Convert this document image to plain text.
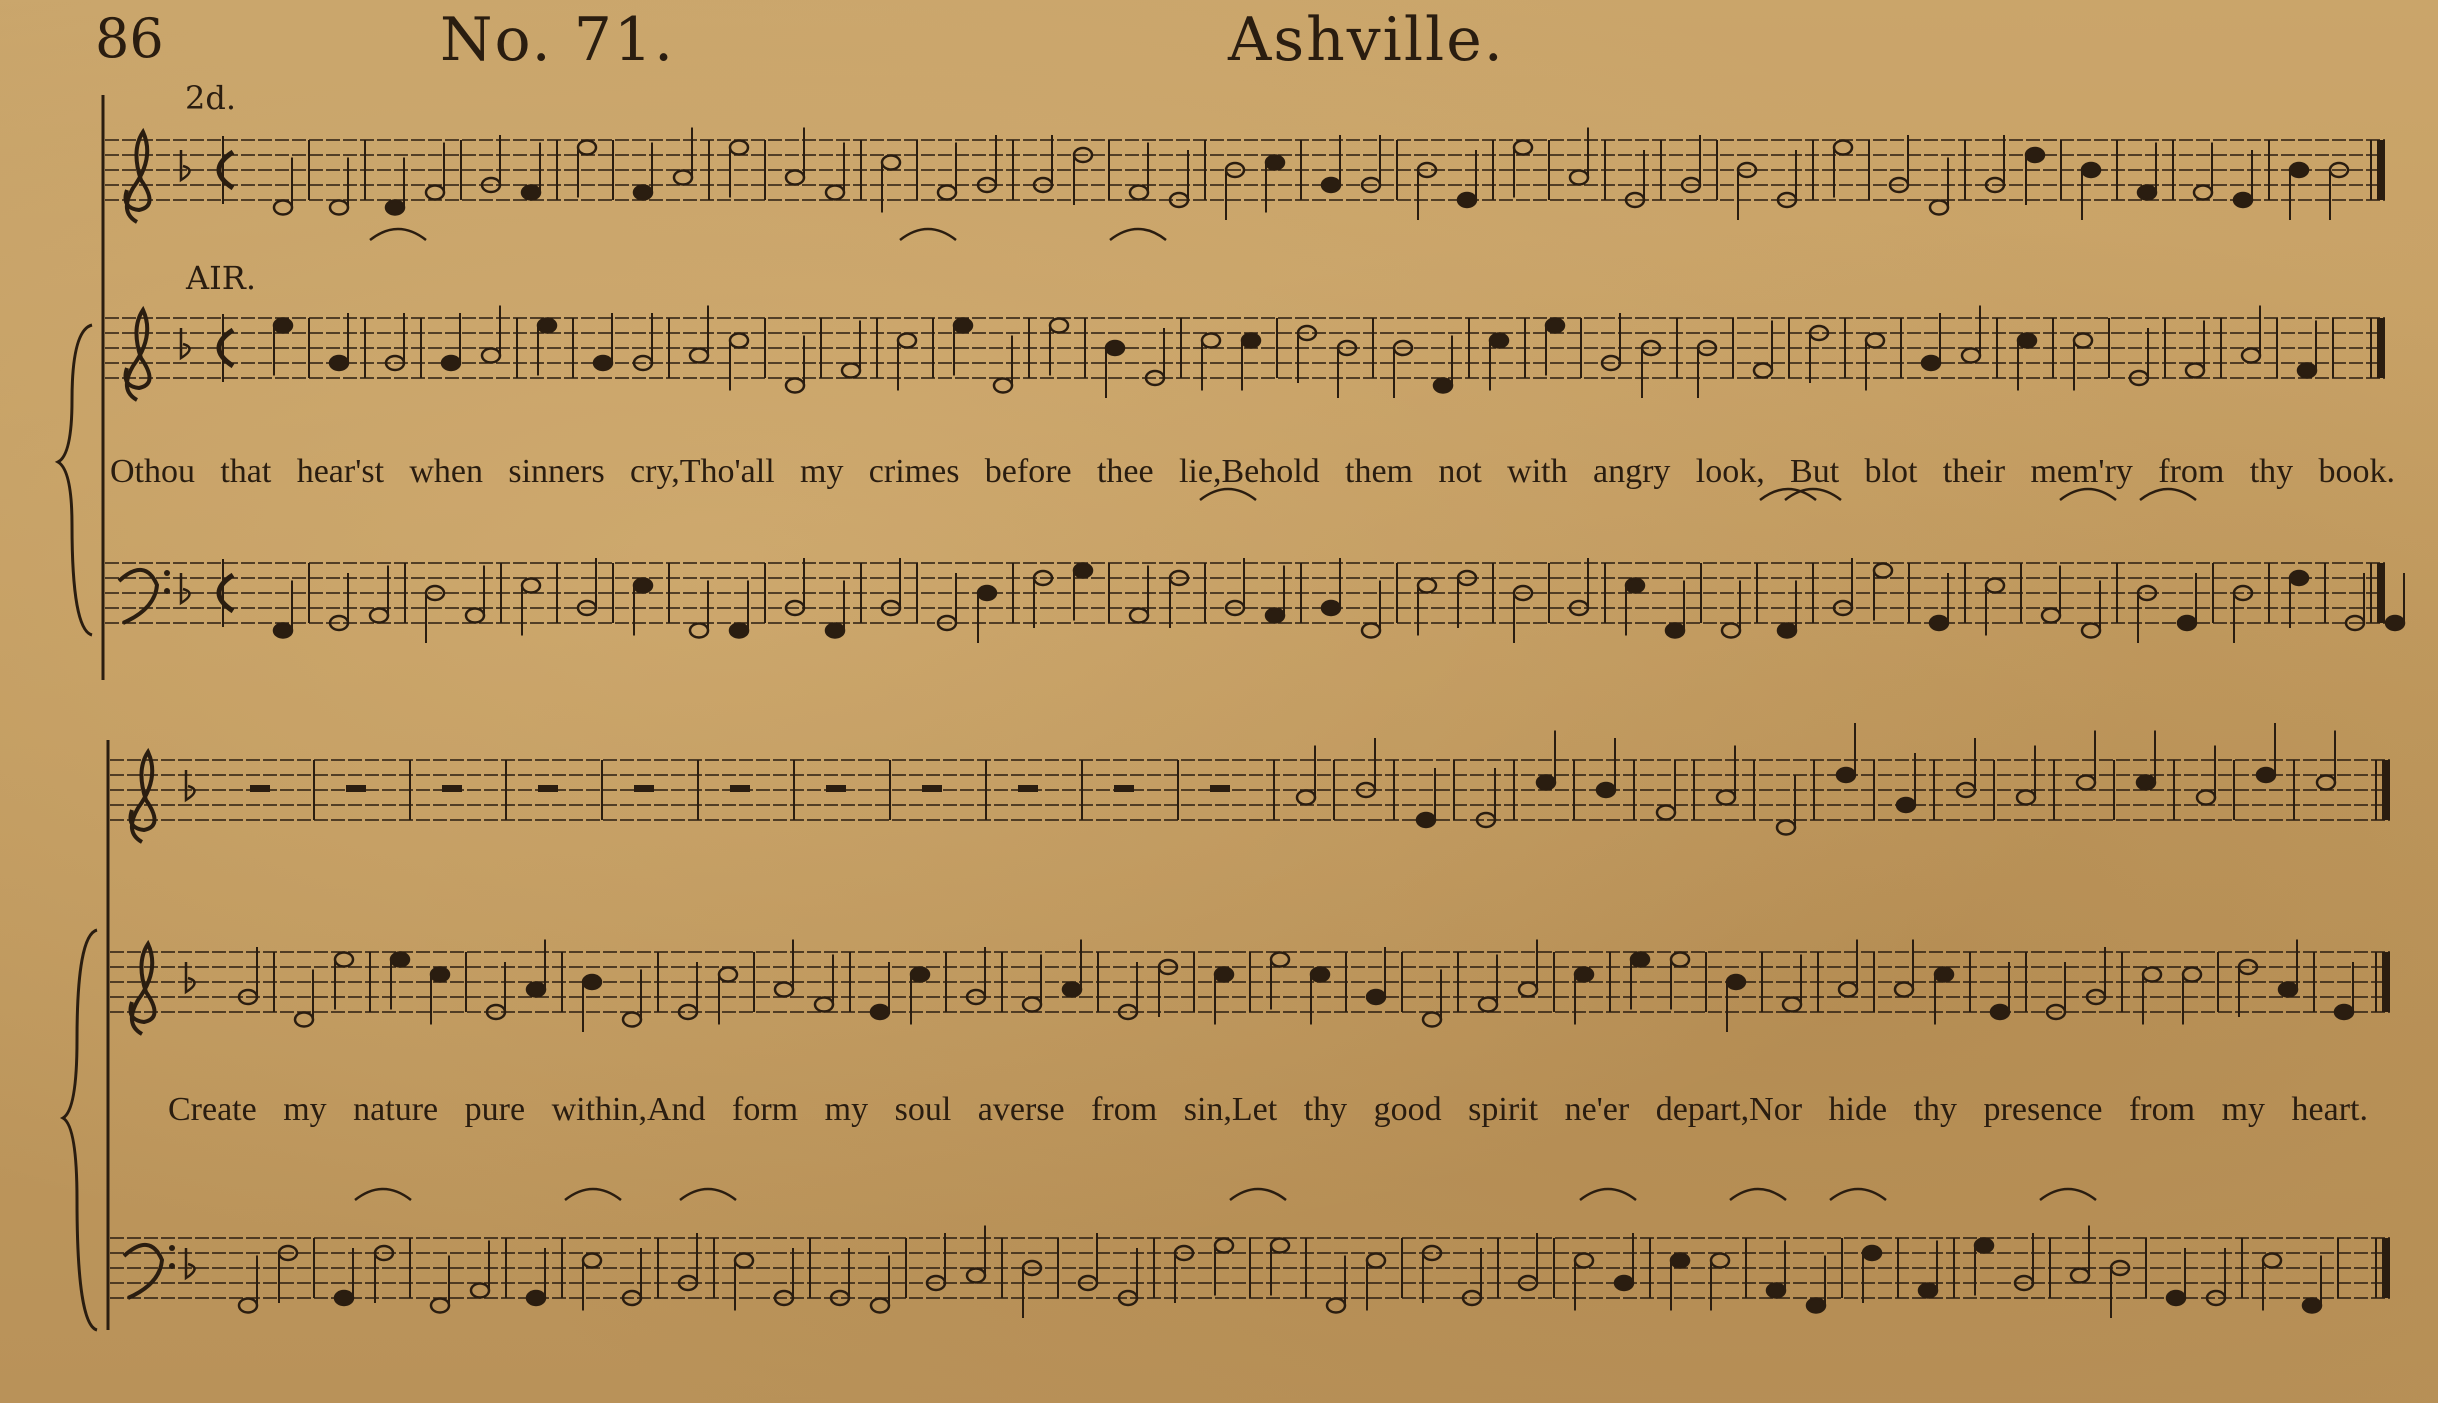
86	No. 71.	Ashville.
2d.
AIR.
Othou that hear'st when sinners cry,Tho'all my crimes before thee lie,Behold them not with angry look, But blot their mem'ry from thy book.
Create my nature pure within,And form my soul averse from sin,Let thy good spirit ne'er depart,Nor hide thy presence from my heart.
